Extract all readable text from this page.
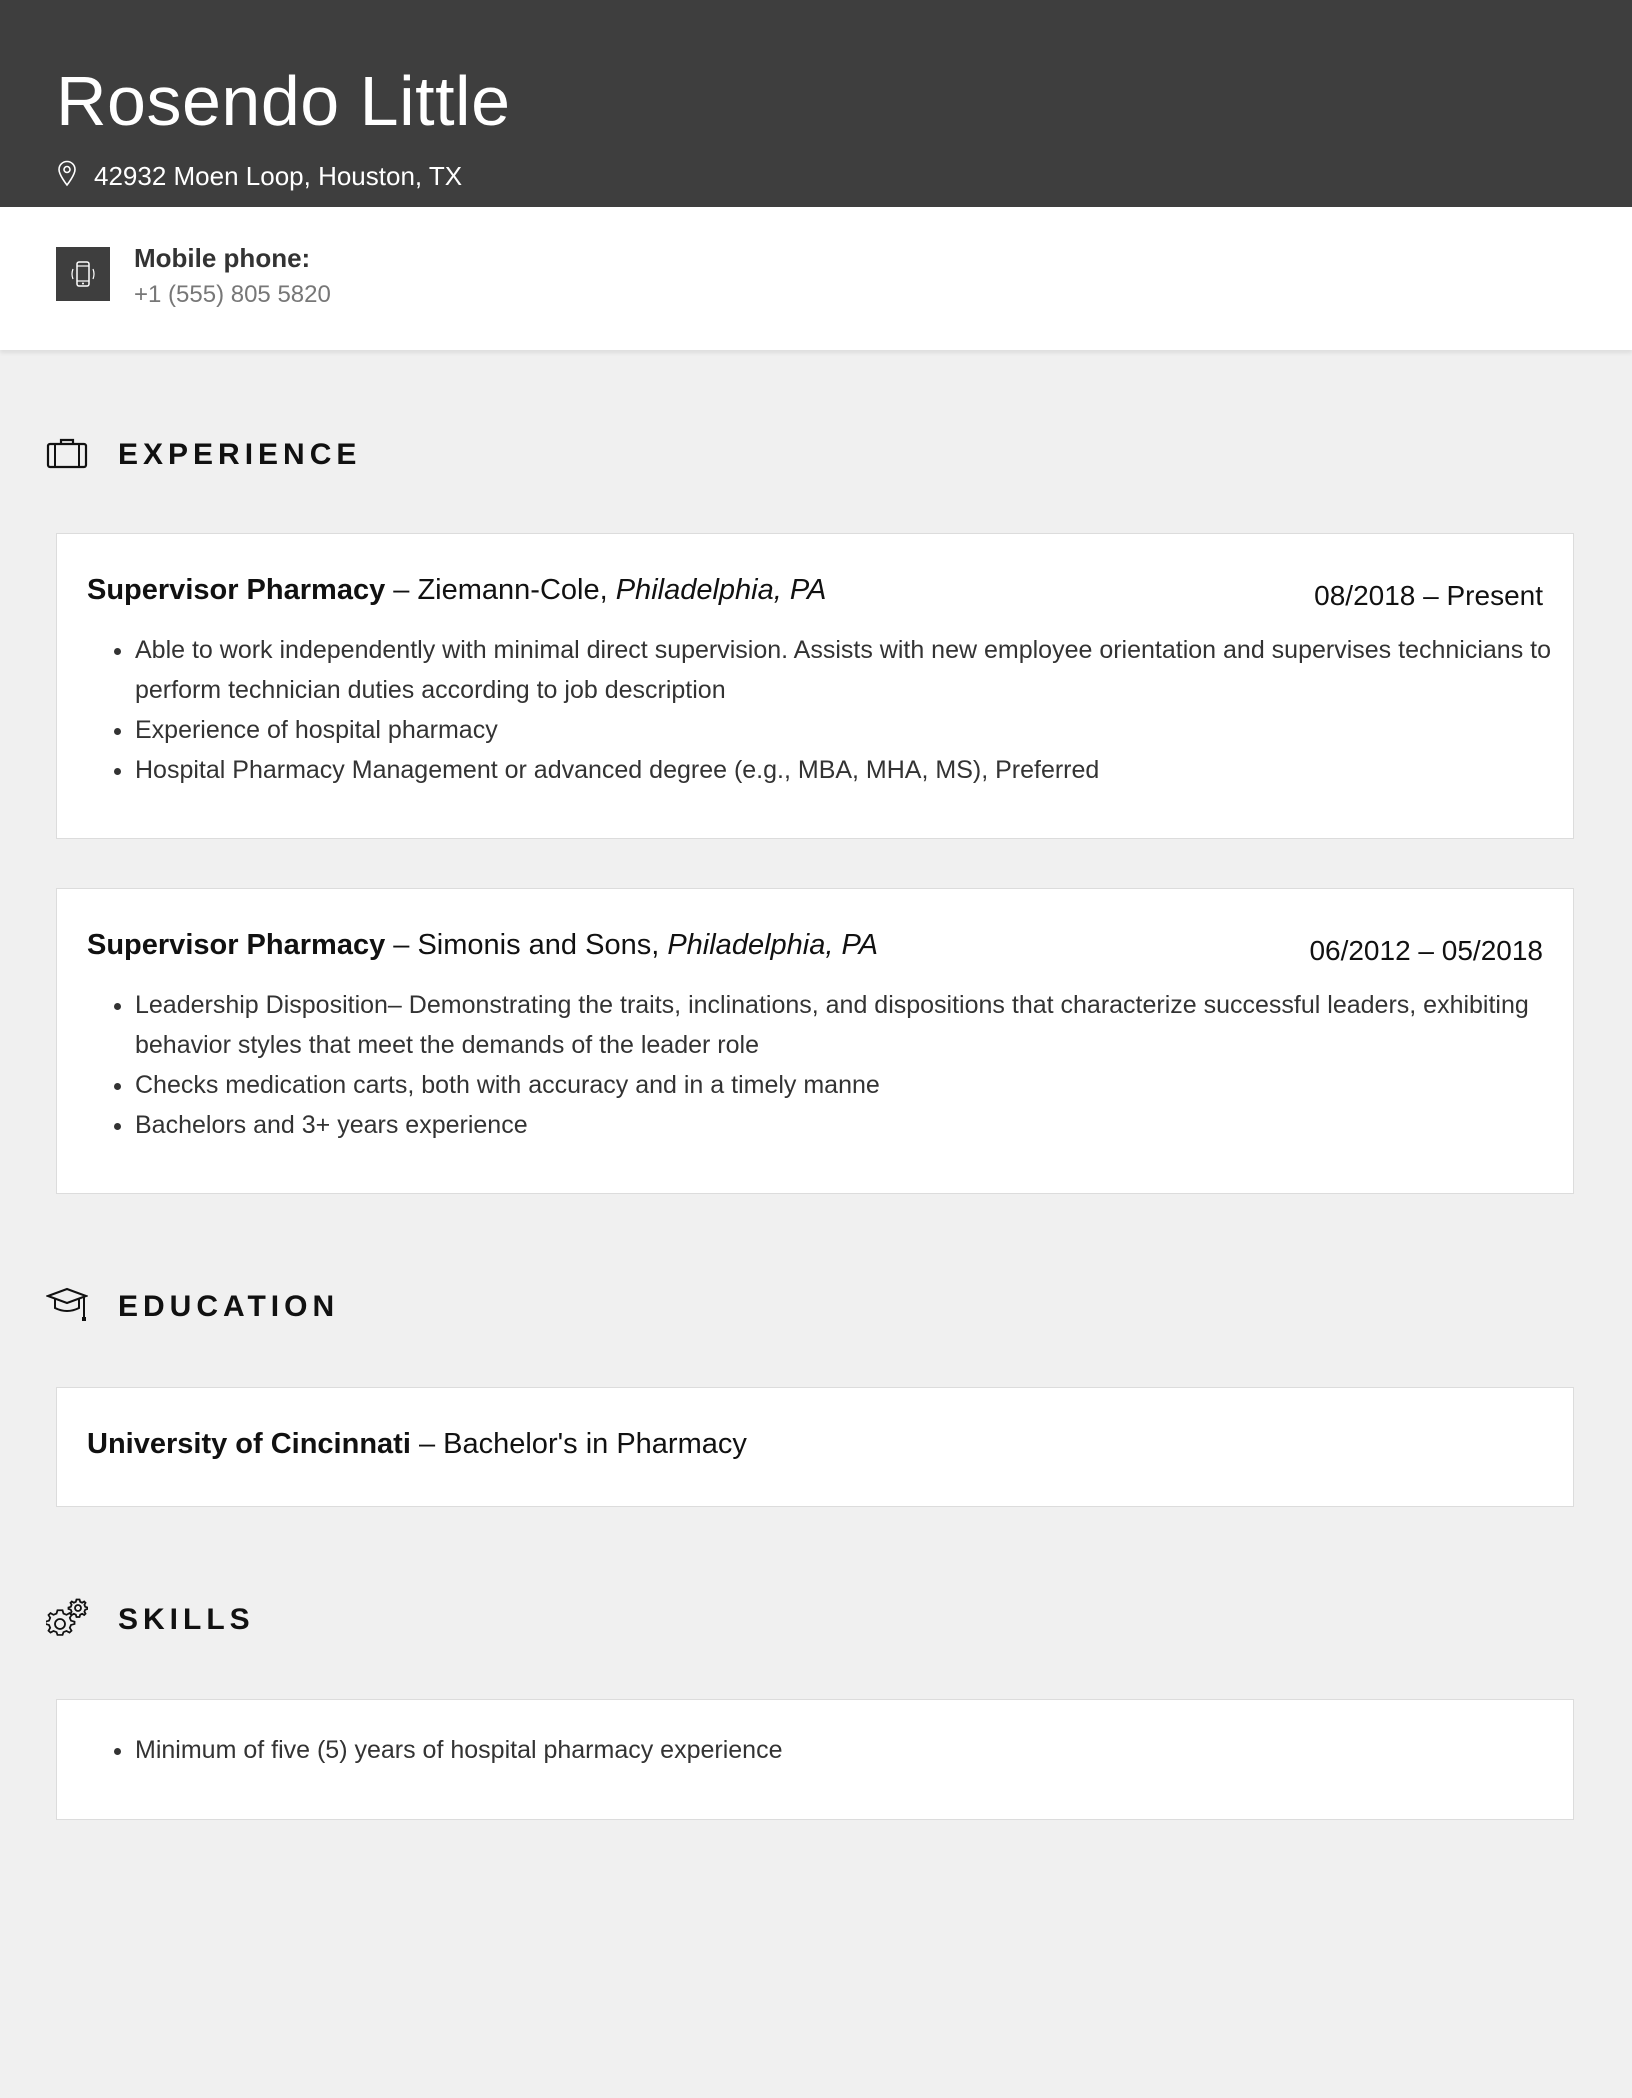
Rosendo Little
42932 Moen Loop, Houston, TX
Mobile phone:
+1 (555) 805 5820
EXPERIENCE
Supervisor Pharmacy – Ziemann-Cole, Philadelphia, PA	08/2018 – Present
• Able to work independently with minimal direct supervision. Assists with new employee orientation and supervises technicians to perform technician duties according to job description
• Experience of hospital pharmacy
• Hospital Pharmacy Management or advanced degree (e.g., MBA, MHA, MS), Preferred
Supervisor Pharmacy – Simonis and Sons, Philadelphia, PA	06/2012 – 05/2018
• Leadership Disposition– Demonstrating the traits, inclinations, and dispositions that characterize successful leaders, exhibiting behavior styles that meet the demands of the leader role
• Checks medication carts, both with accuracy and in a timely manne
• Bachelors and 3+ years experience
EDUCATION
University of Cincinnati – Bachelor's in Pharmacy
SKILLS
• Minimum of five (5) years of hospital pharmacy experience
